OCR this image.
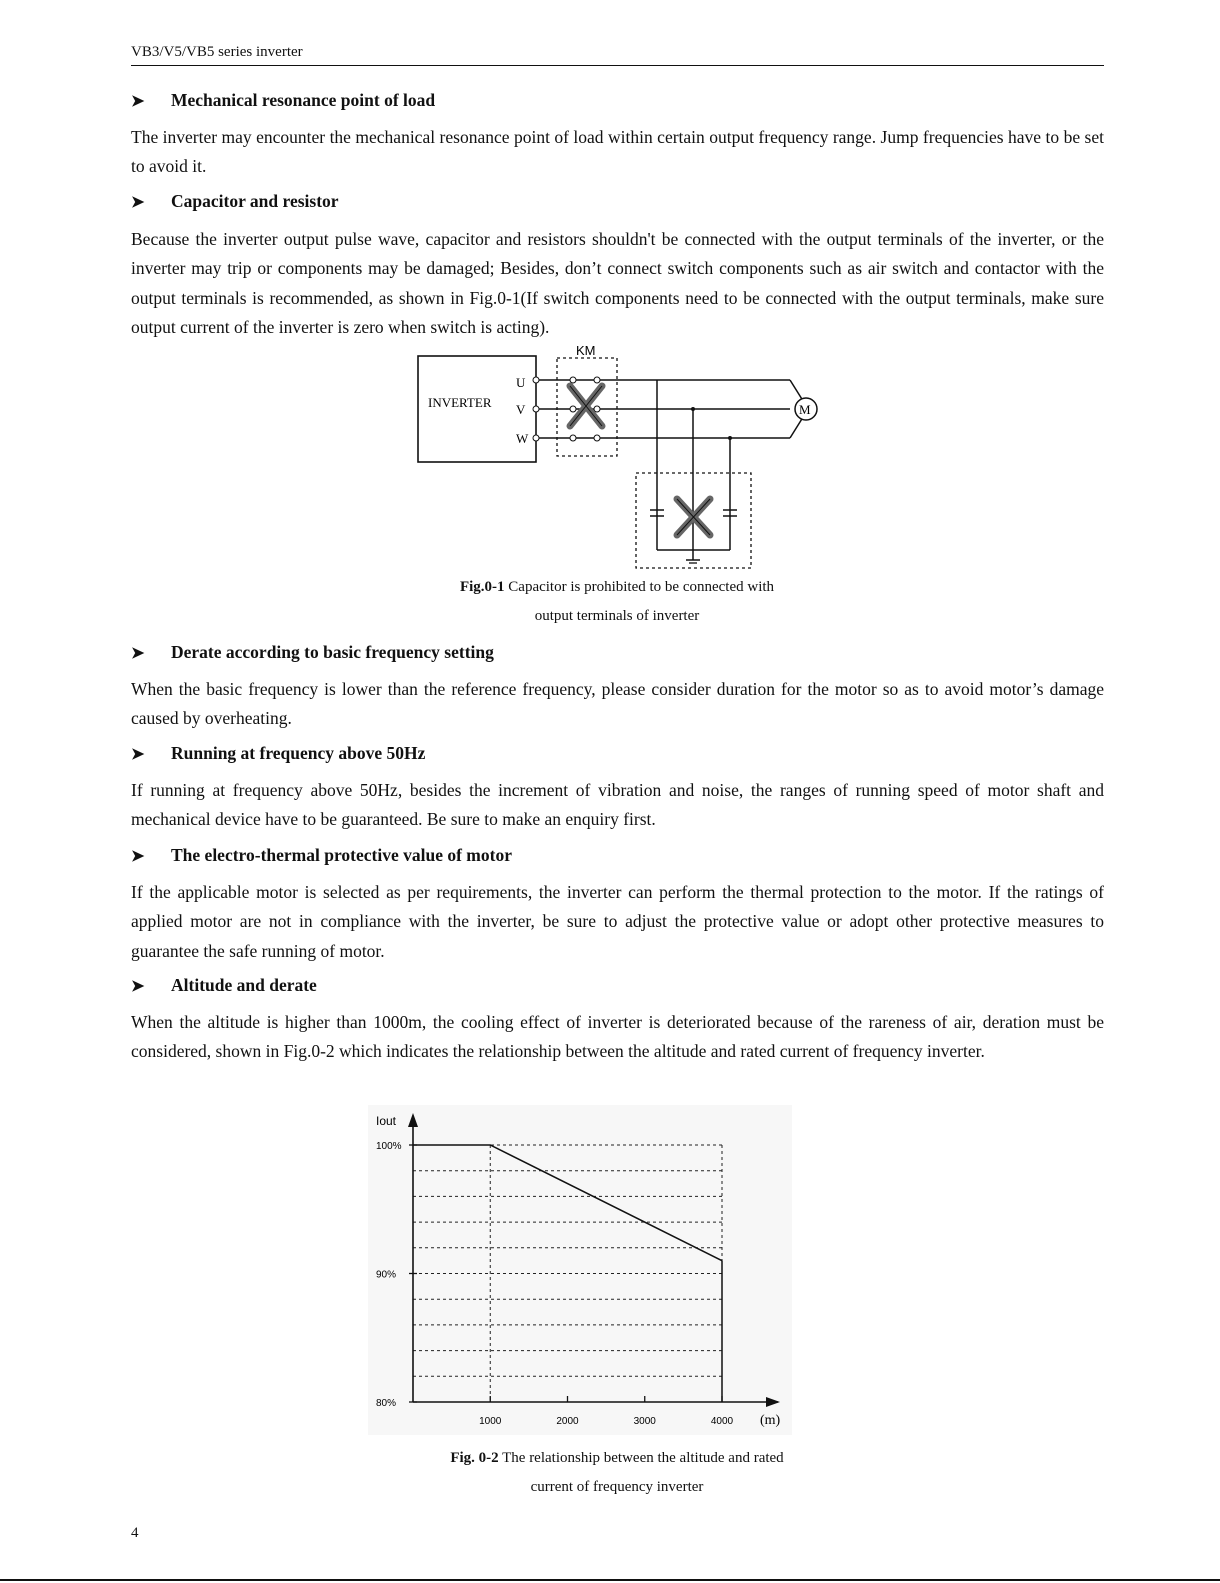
VB3/V5/VB5 series inverter
➤	Mechanical resonance point of load
The inverter may encounter the mechanical resonance point of load within certain output frequency range. Jump frequencies have to be set to avoid it.
➤	Capacitor and resistor
Because the inverter output pulse wave, capacitor and resistors shouldn't be connected with the output terminals of the inverter, or the inverter may trip or components may be damaged; Besides, don’t connect switch components such as air switch and contactor with the output terminals is recommended, as shown in Fig.0-1(If switch components need to be connected with the output terminals, make sure output current of the inverter is zero when switch is acting).
INVERTER
U
V
W
KM
M
Fig.0-1 Capacitor is prohibited to be connected with
output terminals of inverter
➤	Derate according to basic frequency setting
When the basic frequency is lower than the reference frequency, please consider duration for the motor so as to avoid motor’s damage caused by overheating.
➤	Running at frequency above 50Hz
If running at frequency above 50Hz, besides the increment of vibration and noise, the ranges of running speed of motor shaft and mechanical device have to be guaranteed. Be sure to make an enquiry first.
➤	The electro-thermal protective value of motor
If the applicable motor is selected as per requirements, the inverter can perform the thermal protection to the motor. If the ratings of applied motor are not in compliance with the inverter, be sure to adjust the protective value or adopt other protective measures to guarantee the safe running of motor.
➤	Altitude and derate
When the altitude is higher than 1000m, the cooling effect of inverter is deteriorated because of the rareness of air, deration must be considered, shown in Fig.0-2 which indicates the relationship between the altitude and rated current of frequency inverter.
100%
90%
80%
1000	2000	3000	4000
Iout
(m)
Fig. 0-2 The relationship between the altitude and rated
current of frequency inverter
4
